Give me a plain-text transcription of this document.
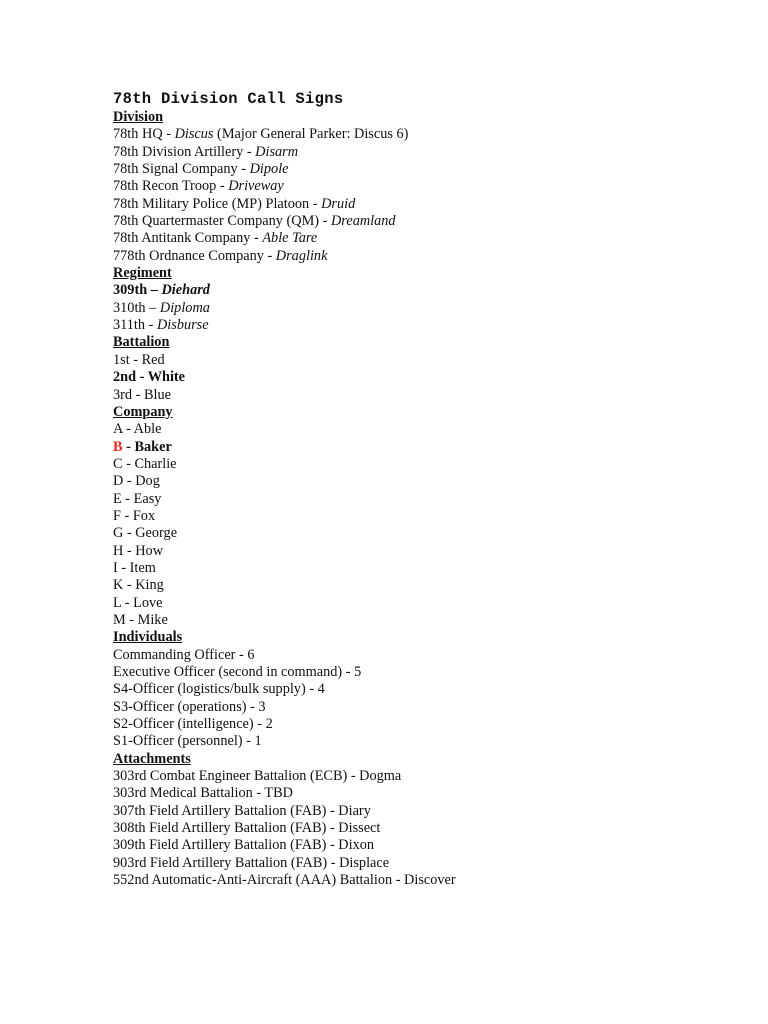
78th Division Call Signs
Division
78th HQ - Discus (Major General Parker: Discus 6)
78th Division Artillery - Disarm
78th Signal Company - Dipole
78th Recon Troop - Driveway
78th Military Police (MP) Platoon - Druid
78th Quartermaster Company (QM) - Dreamland
78th Antitank Company - Able Tare
778th Ordnance Company - Draglink
Regiment
309th – Diehard
310th – Diploma
311th - Disburse
Battalion
1st - Red
2nd - White
3rd - Blue
Company
A - Able
B - Baker
C - Charlie
D - Dog
E - Easy
F - Fox
G - George
H - How
I - Item
K - King
L - Love
M - Mike
Individuals
Commanding Officer - 6
Executive Officer (second in command) - 5
S4-Officer (logistics/bulk supply) - 4
S3-Officer (operations) - 3
S2-Officer (intelligence) - 2
S1-Officer (personnel) - 1
Attachments
303rd Combat Engineer Battalion (ECB) - Dogma
303rd Medical Battalion - TBD
307th Field Artillery Battalion (FAB) - Diary
308th Field Artillery Battalion (FAB) - Dissect
309th Field Artillery Battalion (FAB) - Dixon
903rd Field Artillery Battalion (FAB) - Displace
552nd Automatic-Anti-Aircraft (AAA) Battalion - Discover
